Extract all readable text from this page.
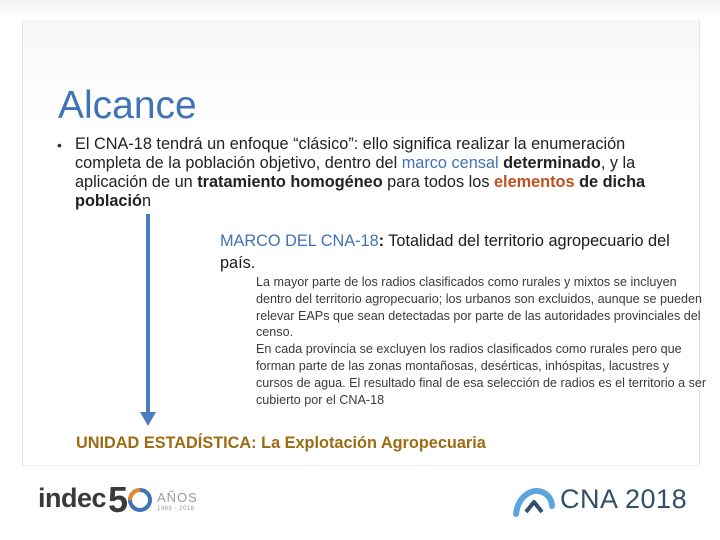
Alcance
• El CNA-18 tendrá un enfoque “clásico”: ello significa realizar la enumeración completa de la población objetivo, dentro del marco censal determinado, y la aplicación de un tratamiento homogéneo para todos los elementos de dicha población
MARCO DEL CNA-18: Totalidad del territorio agropecuario del país.

La mayor parte de los radios clasificados como rurales y mixtos se incluyen dentro del territorio agropecuario; los urbanos son excluidos, aunque se pueden relevar EAPs que sean detectadas por parte de las autoridades provinciales del censo.

En cada provincia se excluyen los radios clasificados como rurales pero que forman parte de las zonas montañosas, desérticas, inhóspitas, lacustres y cursos de agua. El resultado final de esa selección de radios es el territorio a ser cubierto por el CNA-18

UNIDAD ESTADÍSTICA: La Explotación Agropecuaria
indec 5 AÑOS
1968 - 2018	CNA 2018
